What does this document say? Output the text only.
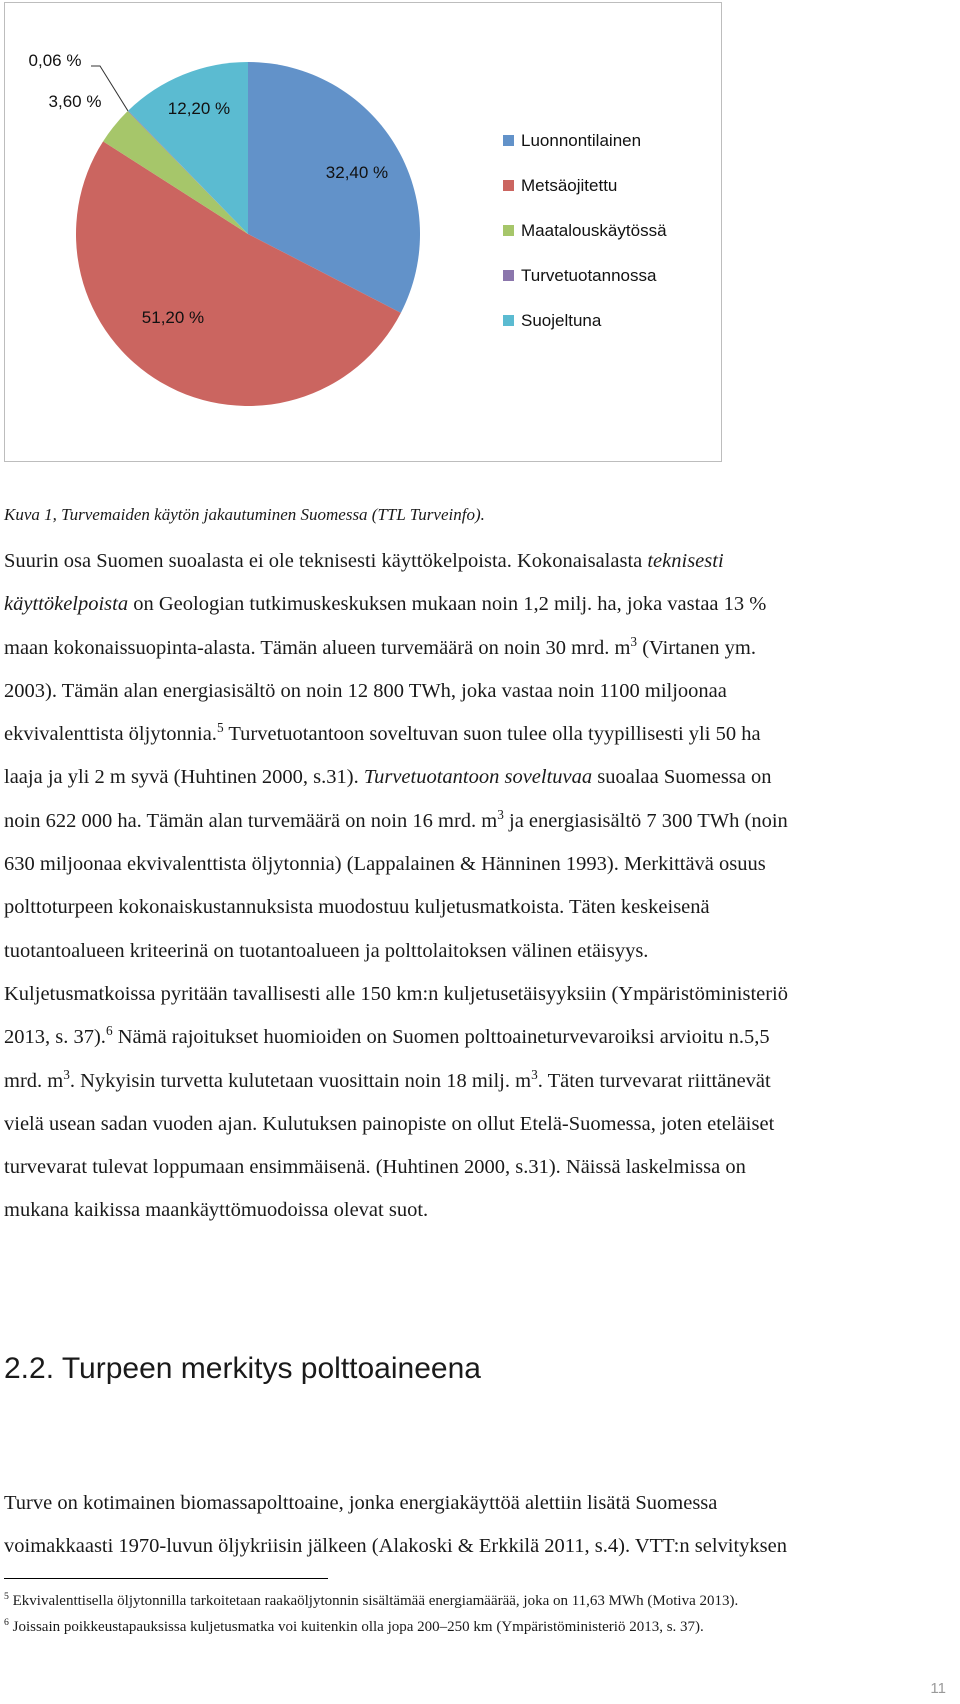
32,40 %
51,20 %
3,60 %
0,06 %
12,20 %
Luonnontilainen
Metsäojitettu
Maatalouskäytössä
Turvetuotannossa
Suojeltuna
Kuva 1, Turvemaiden käytön jakautuminen Suomessa (TTL Turveinfo).

Suurin osa Suomen suoalasta ei ole teknisesti käyttökelpoista. Kokonaisalasta teknisesti

käyttökelpoista on Geologian tutkimuskeskuksen mukaan noin 1,2 milj. ha, joka vastaa 13 %

maan kokonaissuopinta-alasta. Tämän alueen turvemäärä on noin 30 mrd. $m^3$ (Virtanen ym.

2003). Tämän alan energiasisältö on noin 12 800 TWh, joka vastaa noin 1100 miljoonaa

ekvivalenttista öljytonnia.$^5$ Turvetuotantoon soveltuvan suon tulee olla tyypillisesti yli 50 ha

laaja ja yli 2 m syvä (Huhtinen 2000, s.31). Turvetuotantoon soveltuvaa suoalaa Suomessa on

noin 622 000 ha. Tämän alan turvemäärä on noin 16 mrd. $m^3$ ja energiasisältö 7 300 TWh (noin

630 miljoonaa ekvivalenttista öljytonnia) (Lappalainen & Hänninen 1993). Merkittävä osuus

polttoturpeen kokonaiskustannuksista muodostuu kuljetusmatkoista. Täten keskeisenä

tuotantoalueen kriteerinä on tuotantoalueen ja polttolaitoksen välinen etäisyys.

Kuljetusmatkoissa pyritään tavallisesti alle 150 km:n kuljetusetäisyyksiin (Ympäristöministeriö

2013, s. 37).$^6$ Nämä rajoitukset huomioiden on Suomen polttoaineturvevaroiksi arvioitu n.5,5

mrd. $m^3$. Nykyisin turvetta kulutetaan vuosittain noin 18 milj. $m^3$. Täten turvevarat riittänevät

vielä usean sadan vuoden ajan. Kulutuksen painopiste on ollut Etelä-Suomessa, joten eteläiset

turvevarat tulevat loppumaan ensimmäisenä. (Huhtinen 2000, s.31). Näissä laskelmissa on

mukana kaikissa maankäyttömuodoissa olevat suot.

2.2. Turpeen merkitys polttoaineena

Turve on kotimainen biomassapolttoaine, jonka energiakäyttöä alettiin lisätä Suomessa

voimakkaasti 1970-luvun öljykriisin jälkeen (Alakoski & Erkkilä 2011, s.4). VTT:n selvityksen

$^5$ Ekvivalenttisella öljytonnilla tarkoitetaan raakaöljytonnin sisältämää energiamäärää, joka on 11,63 MWh (Motiva 2013).
$^6$ Joissain poikkeustapauksissa kuljetusmatka voi kuitenkin olla jopa 200–250 km (Ympäristöministeriö 2013, s. 37).
11
